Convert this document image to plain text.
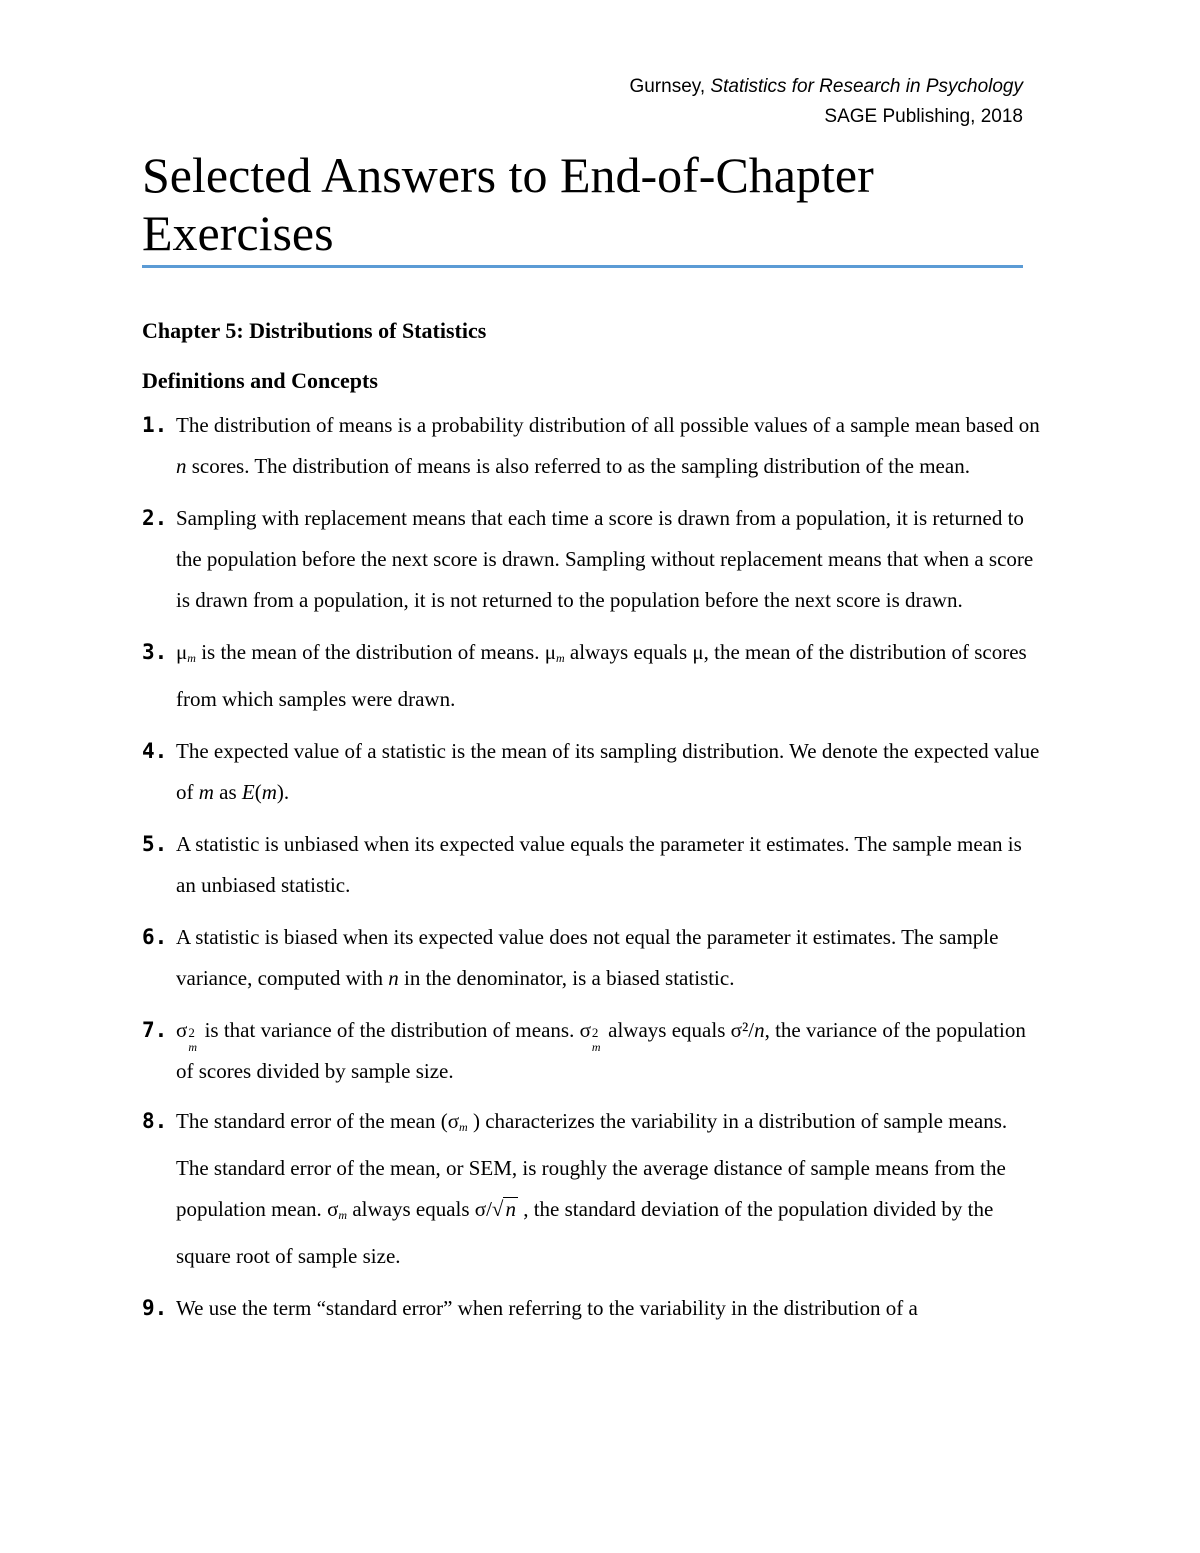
Gurnsey, Statistics for Research in Psychology
SAGE Publishing, 2018
Selected Answers to End-of-Chapter Exercises
Chapter 5: Distributions of Statistics
Definitions and Concepts
1. The distribution of means is a probability distribution of all possible values of a sample mean based on n scores. The distribution of means is also referred to as the sampling distribution of the mean.
2. Sampling with replacement means that each time a score is drawn from a population, it is returned to the population before the next score is drawn. Sampling without replacement means that when a score is drawn from a population, it is not returned to the population before the next score is drawn.
3. $\mu_m$ is the mean of the distribution of means. $\mu_m$ always equals μ, the mean of the distribution of scores from which samples were drawn.
4. The expected value of a statistic is the mean of its sampling distribution. We denote the expected value of m as E(m).
5. A statistic is unbiased when its expected value equals the parameter it estimates. The sample mean is an unbiased statistic.
6. A statistic is biased when its expected value does not equal the parameter it estimates. The sample variance, computed with n in the denominator, is a biased statistic.
7. σ 2
m
is that variance of the distribution of means. σ 2
m
always equals σ²/n, the variance of the population of scores divided by sample size.
8. The standard error of the mean ($\sigma_m$ ) characterizes the variability in a distribution of sample means. The standard error of the mean, or SEM, is roughly the average distance of sample means from the population mean. $\sigma_m$ always equals σ/√n , the standard deviation of the population divided by the square root of sample size.
9. We use the term “standard error” when referring to the variability in the distribution of a
